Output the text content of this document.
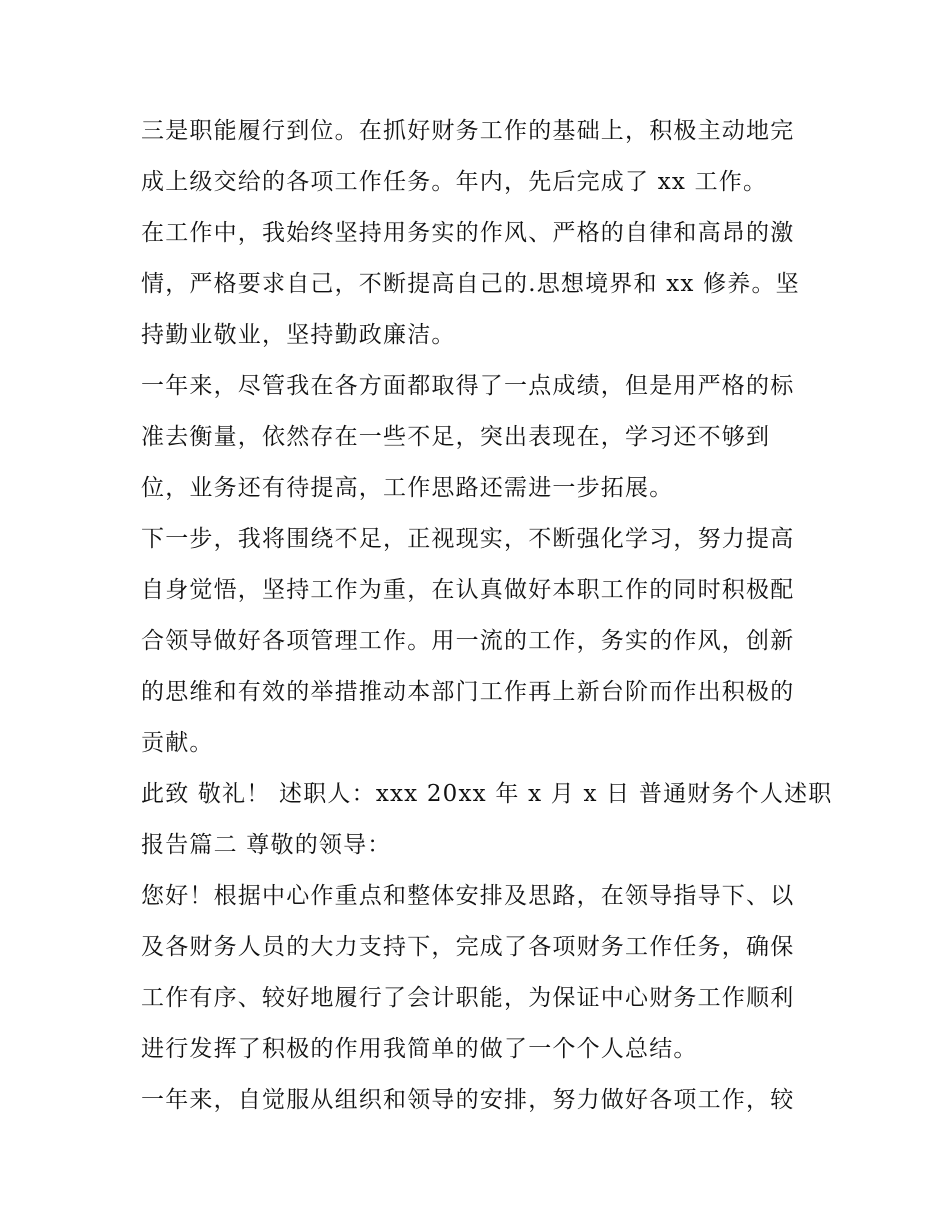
三是职能履行到位。在抓好财务工作的基础上，积极主动地完
成上级交给的各项工作任务。年内，先后完成了 xx 工作。
在工作中，我始终坚持用务实的作风、严格的自律和高昂的激
情，严格要求自己，不断提高自己的.思想境界和 xx 修养。坚
持勤业敬业，坚持勤政廉洁。
一年来，尽管我在各方面都取得了一点成绩，但是用严格的标
准去衡量，依然存在一些不足，突出表现在，学习还不够到
位，业务还有待提高，工作思路还需进一步拓展。
下一步，我将围绕不足，正视现实，不断强化学习，努力提高
自身觉悟，坚持工作为重，在认真做好本职工作的同时积极配
合领导做好各项管理工作。用一流的工作，务实的作风，创新
的思维和有效的举措推动本部门工作再上新台阶而作出积极的
贡献。
此致 敬礼！ 述职人：xxx 20xx 年 x 月 x 日 普通财务个人述职
报告篇二 尊敬的领导：
您好！根据中心作重点和整体安排及思路，在领导指导下、以
及各财务人员的大力支持下，完成了各项财务工作任务，确保
工作有序、较好地履行了会计职能，为保证中心财务工作顺利
进行发挥了积极的作用我简单的做了一个个人总结。
一年来，自觉服从组织和领导的安排，努力做好各项工作，较
